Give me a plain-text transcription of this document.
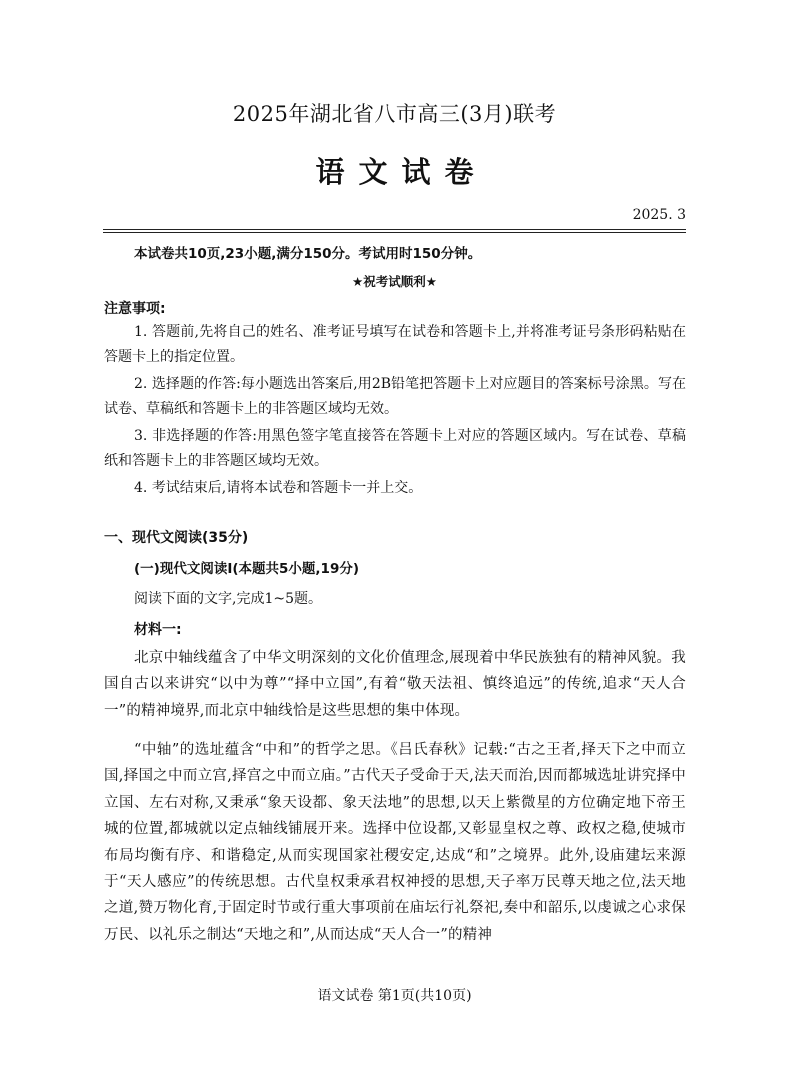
2025年湖北省八市高三(3月)联考
语文试卷
2025. 3
本试卷共10页,23小题,满分150分。考试用时150分钟。
★祝考试顺利★
注意事项:
1. 答题前,先将自己的姓名、准考证号填写在试卷和答题卡上,并将准考证号条形码粘贴在答题卡上的指定位置。
2. 选择题的作答:每小题选出答案后,用2B铅笔把答题卡上对应题目的答案标号涂黑。写在试卷、草稿纸和答题卡上的非答题区域均无效。
3. 非选择题的作答:用黑色签字笔直接答在答题卡上对应的答题区域内。写在试卷、草稿纸和答题卡上的非答题区域均无效。
4. 考试结束后,请将本试卷和答题卡一并上交。
一、现代文阅读(35分)
(一)现代文阅读Ⅰ(本题共5小题,19分)
阅读下面的文字,完成1~5题。
材料一:
北京中轴线蕴含了中华文明深刻的文化价值理念,展现着中华民族独有的精神风貌。我国自古以来讲究“以中为尊”“择中立国”,有着“敬天法祖、慎终追远”的传统,追求“天人合一”的精神境界,而北京中轴线恰是这些思想的集中体现。
“中轴”的选址蕴含“中和”的哲学之思。《吕氏春秋》记载:“古之王者,择天下之中而立国,择国之中而立宫,择宫之中而立庙。”古代天子受命于天,法天而治,因而都城选址讲究择中立国、左右对称,又秉承“象天设都、象天法地”的思想,以天上紫微星的方位确定地下帝王城的位置,都城就以定点轴线铺展开来。选择中位设都,又彰显皇权之尊、政权之稳,使城市布局均衡有序、和谐稳定,从而实现国家社稷安定,达成“和”之境界。此外,设庙建坛来源于“天人感应”的传统思想。古代皇权秉承君权神授的思想,天子率万民尊天地之位,法天地之道,赞万物化育,于固定时节或行重大事项前在庙坛行礼祭祀,奏中和韶乐,以虔诚之心求保万民、以礼乐之制达“天地之和”,从而达成“天人合一”的精神
语文试卷 第1页(共10页)
